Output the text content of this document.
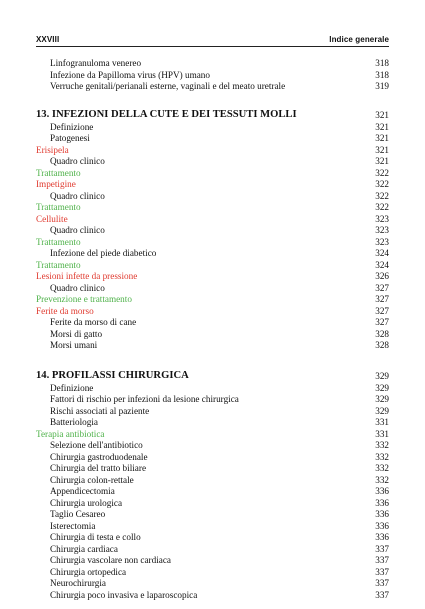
XXVIII	Indice generale
Linfogranuloma venereo	318
Infezione da Papilloma virus (HPV) umano	318
Verruche genitali/perianali esterne, vaginali e del meato uretrale	319
13. INFEZIONI DELLA CUTE E DEI TESSUTI MOLLI	321
Definizione	321
Patogenesi	321
Erisipela	321
Quadro clinico	321
Trattamento	322
Impetigine	322
Quadro clinico	322
Trattamento	322
Cellulite	323
Quadro clinico	323
Trattamento	323
Infezione del piede diabetico	324
Trattamento	324
Lesioni infette da pressione	326
Quadro clinico	327
Prevenzione e trattamento	327
Ferite da morso	327
Ferite da morso di cane	327
Morsi di gatto	328
Morsi umani	328
14. PROFILASSI CHIRURGICA	329
Definizione	329
Fattori di rischio per infezioni da lesione chirurgica	329
Rischi associati al paziente	329
Batteriologia	331
Terapia antibiotica	331
Selezione dell'antibiotico	332
Chirurgia gastroduodenale	332
Chirurgia del tratto biliare	332
Chirurgia colon-rettale	332
Appendicectomia	336
Chirurgia urologica	336
Taglio Cesareo	336
Isterectomia	336
Chirurgia di testa e collo	336
Chirurgia cardiaca	337
Chirurgia vascolare non cardiaca	337
Chirurgia ortopedica	337
Neurochirurgia	337
Chirurgia poco invasiva e laparoscopica	337
